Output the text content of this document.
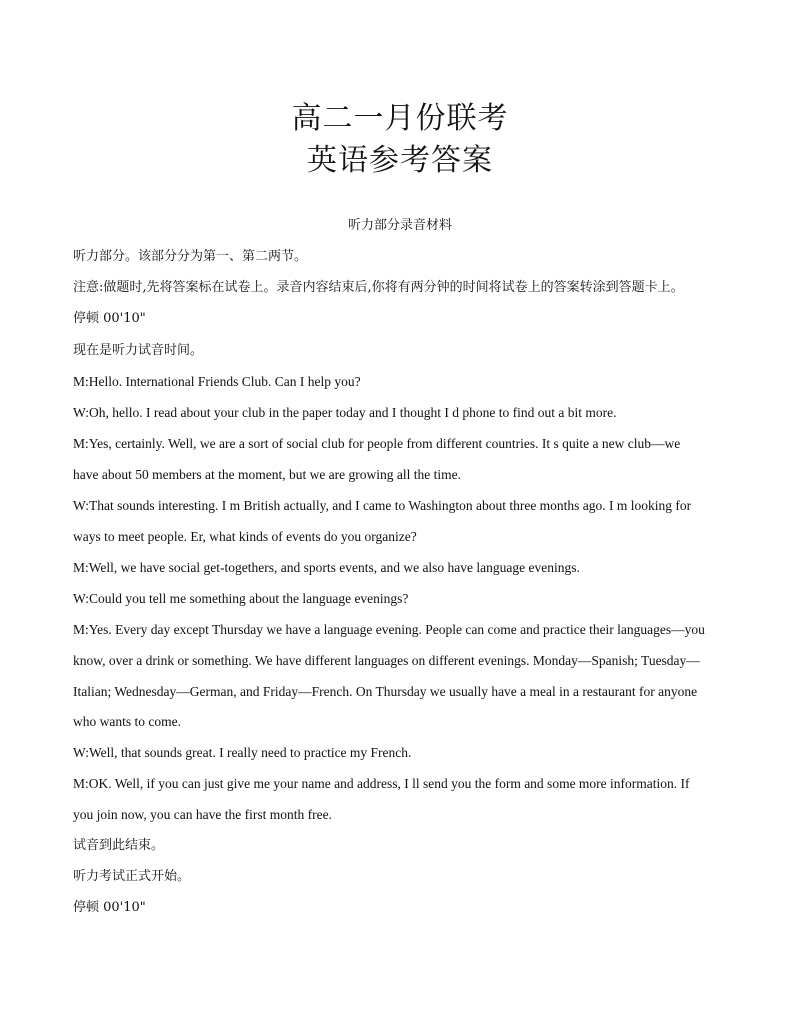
高二一月份联考
英语参考答案
听力部分录音材料
听力部分。该部分分为第一、第二两节。
注意:做题时,先将答案标在试卷上。录音内容结束后,你将有两分钟的时间将试卷上的答案转涂到答题卡上。
停顿 00'10"
现在是听力试音时间。
M:Hello. International Friends Club. Can I help you?
W:Oh, hello. I read about your club in the paper today and I thought I d phone to find out a bit more.
M:Yes, certainly. Well, we are a sort of social club for people from different countries. It s quite a new club—we
have about 50 members at the moment, but we are growing all the time.
W:That sounds interesting. I m British actually, and I came to Washington about three months ago. I m looking for
ways to meet people. Er, what kinds of events do you organize?
M:Well, we have social get-togethers, and sports events, and we also have language evenings.
W:Could you tell me something about the language evenings?
M:Yes. Every day except Thursday we have a language evening. People can come and practice their languages—you
know, over a drink or something. We have different languages on different evenings. Monday—Spanish; Tuesday—
Italian; Wednesday—German, and Friday—French. On Thursday we usually have a meal in a restaurant for anyone
who wants to come.
W:Well, that sounds great. I really need to practice my French.
M:OK. Well, if you can just give me your name and address, I ll send you the form and some more information. If
you join now, you can have the first month free.
试音到此结束。
听力考试正式开始。
停顿 00'10"
